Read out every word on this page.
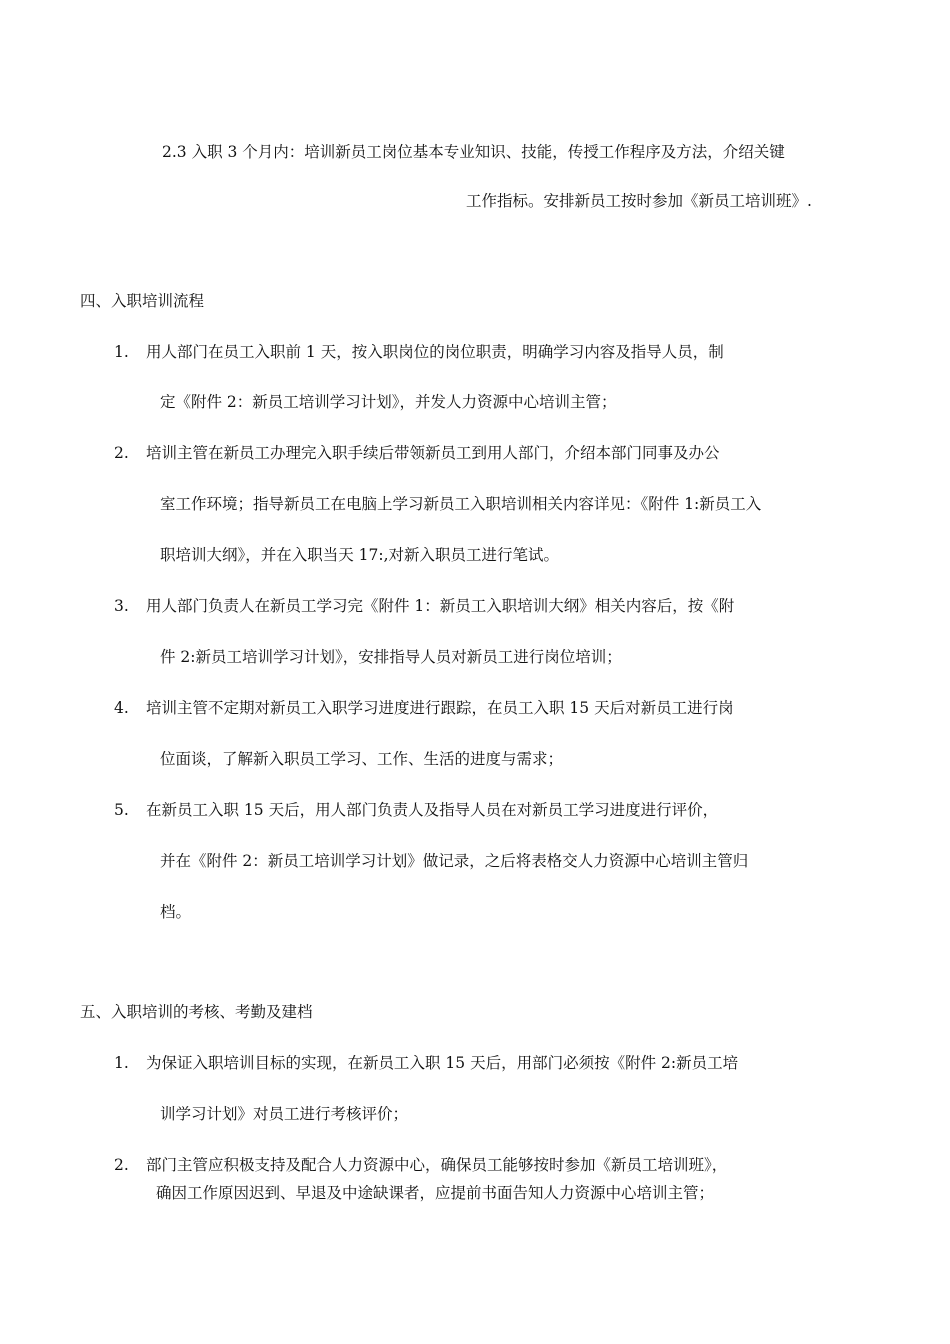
2.3 入职 3 个月内：培训新员工岗位基本专业知识、技能，传授工作程序及方法，介绍关键
工作指标。安排新员工按时参加《新员工培训班》.
四、入职培训流程
1. 用人部门在员工入职前 1 天，按入职岗位的岗位职责，明确学习内容及指导人员，制
定《附件 2：新员工培训学习计划》，并发人力资源中心培训主管；
2. 培训主管在新员工办理完入职手续后带领新员工到用人部门，介绍本部门同事及办公
室工作环境；指导新员工在电脑上学习新员工入职培训相关内容详见：《附件 1:新员工入
职培训大纲》，并在入职当天 17:,对新入职员工进行笔试。
3. 用人部门负责人在新员工学习完《附件 1：新员工入职培训大纲》相关内容后，按《附
件 2:新员工培训学习计划》，安排指导人员对新员工进行岗位培训；
4. 培训主管不定期对新员工入职学习进度进行跟踪，在员工入职 15 天后对新员工进行岗
位面谈，了解新入职员工学习、工作、生活的进度与需求；
5. 在新员工入职 15 天后，用人部门负责人及指导人员在对新员工学习进度进行评价，
并在《附件 2：新员工培训学习计划》做记录，之后将表格交人力资源中心培训主管归
档。
五、入职培训的考核、考勤及建档
1. 为保证入职培训目标的实现，在新员工入职 15 天后，用部门必须按《附件 2:新员工培
训学习计划》对员工进行考核评价；
2. 部门主管应积极支持及配合人力资源中心，确保员工能够按时参加《新员工培训班》，
确因工作原因迟到、早退及中途缺课者，应提前书面告知人力资源中心培训主管；
